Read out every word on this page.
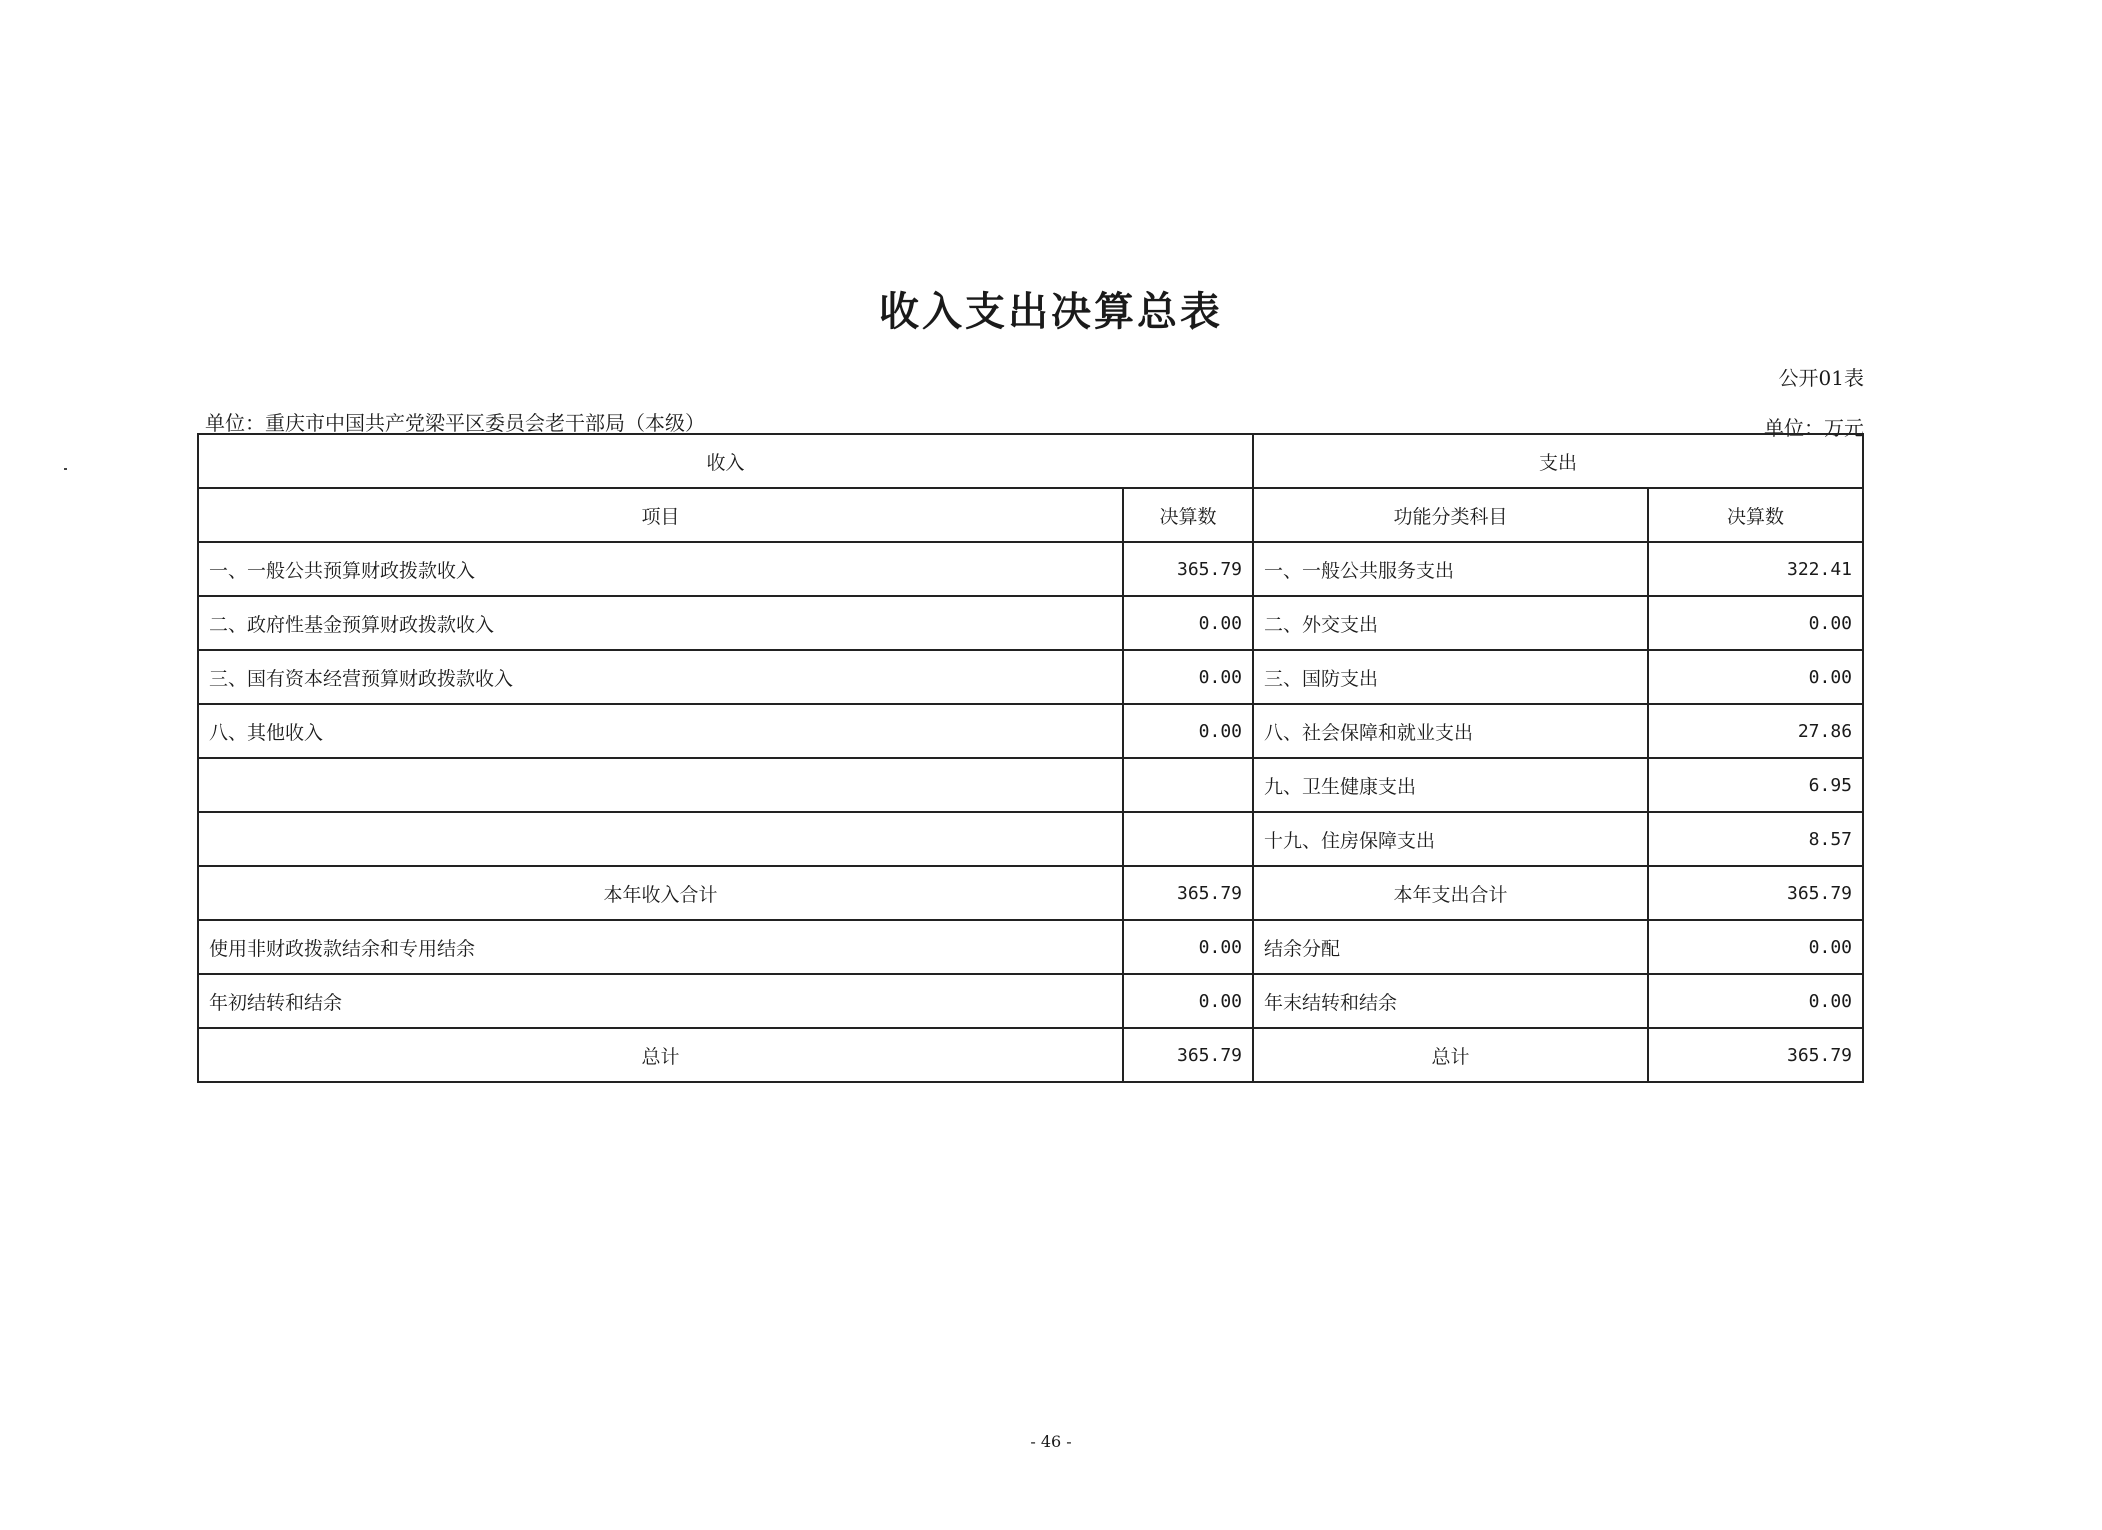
收入支出决算总表
公开01表
单位：重庆市中国共产党梁平区委员会老干部局（本级）	单位：万元
收入		支出	
项目	决算数	功能分类科目	决算数
一、一般公共预算财政拨款收入	365.79	一、一般公共服务支出	322.41
二、政府性基金预算财政拨款收入	0.00	二、外交支出	0.00
三、国有资本经营预算财政拨款收入	0.00	三、国防支出	0.00
八、其他收入	0.00	八、社会保障和就业支出	27.86
		九、卫生健康支出	6.95
		十九、住房保障支出	8.57
本年收入合计	365.79	本年支出合计	365.79
使用非财政拨款结余和专用结余	0.00	结余分配	0.00
年初结转和结余	0.00	年末结转和结余	0.00
总计	365.79	总计	365.79
- 46 -
